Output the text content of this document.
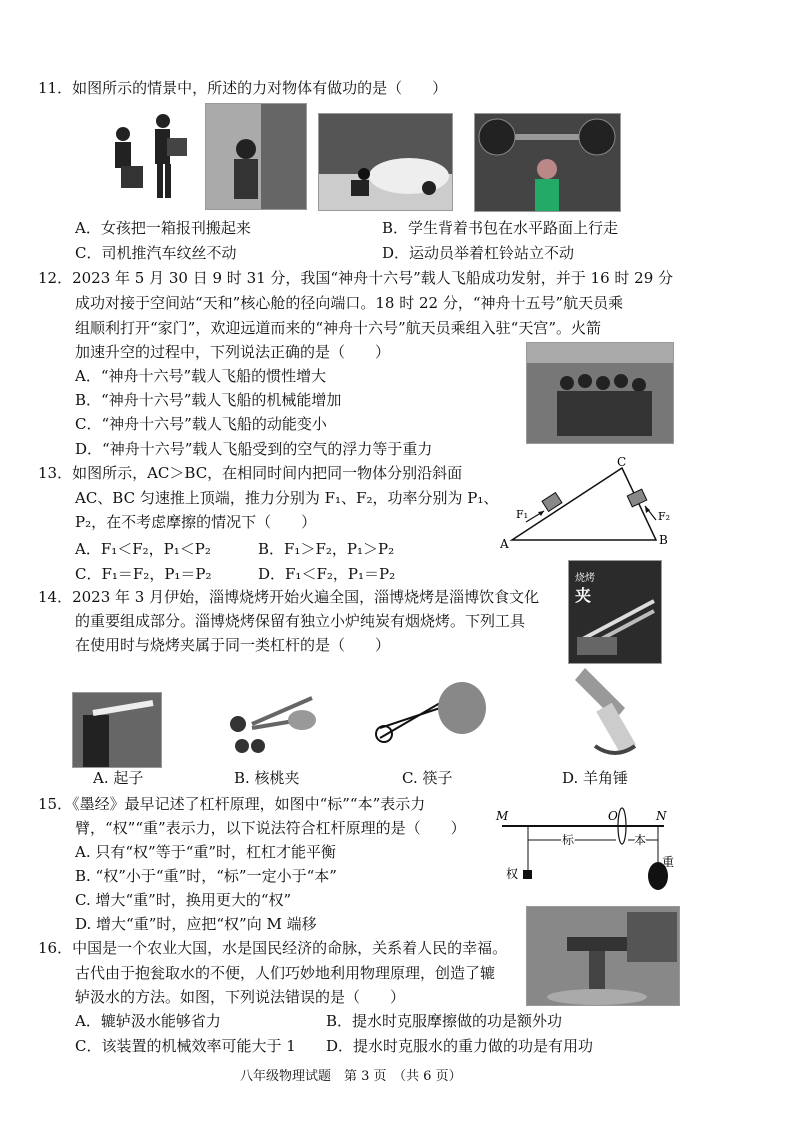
11．如图所示的情景中，所述的力对物体有做功的是（　　）
A．女孩把一箱报刊搬起来	B．学生背着书包在水平路面上行走
C．司机推汽车纹丝不动	D．运动员举着杠铃站立不动
12．2023 年 5 月 30 日 9 时 31 分，我国“神舟十六号”载人飞船成功发射，并于 16 时 29 分
成功对接于空间站“天和”核心舱的径向端口。18 时 22 分，“神舟十五号”航天员乘
组顺利打开“家门”，欢迎远道而来的“神舟十六号”航天员乘组入驻“天宫”。火箭
加速升空的过程中，下列说法正确的是（　　）
A．“神舟十六号”载人飞船的惯性增大
B．“神舟十六号”载人飞船的机械能增加
C．“神舟十六号”载人飞船的动能变小
D．“神舟十六号”载人飞船受到的空气的浮力等于重力
13．如图所示，AC＞BC，在相同时间内把同一物体分别沿斜面
AC、BC 匀速推上顶端，推力分别为 F₁、F₂，功率分别为 P₁、
P₂，在不考虑摩擦的情况下（　　）
A．F₁＜F₂，P₁＜P₂	B．F₁＞F₂，P₁＞P₂
C．F₁＝F₂，P₁＝P₂	D．F₁＜F₂，P₁＝P₂
A	B
C
F₁	F₂
14．2023 年 3 月伊始，淄博烧烤开始火遍全国，淄博烧烤是淄博饮食文化
的重要组成部分。淄博烧烤保留有独立小炉纯炭有烟烧烤。下列工具
在使用时与烧烤夹属于同一类杠杆的是（　　）
烧烤
夹
A. 起子	B. 核桃夹	C. 筷子	D. 羊角锤
15．《墨经》最早记述了杠杆原理，如图中“标”“本”表示力
臂，“权”“重”表示力，以下说法符合杠杆原理的是（　　）
A. 只有“权”等于“重”时，杠杠才能平衡
B. “权”小于“重”时，“标”一定小于“本”
C. 增大“重”时，换用更大的“权”
D. 增大“重”时，应把“权”向 M 端移
M	O	N
标	本
权
重
16．中国是一个农业大国，水是国民经济的命脉，关系着人民的幸福。
古代由于抱瓮取水的不便，人们巧妙地利用物理原理，创造了辘
轳汲水的方法。如图，下列说法错误的是（　　）
A．辘轳汲水能够省力	B．提水时克服摩擦做的功是额外功
C．该装置的机械效率可能大于 1 D．提水时克服水的重力做的功是有用功
八年级物理试题　第 3 页　（共 6 页）
